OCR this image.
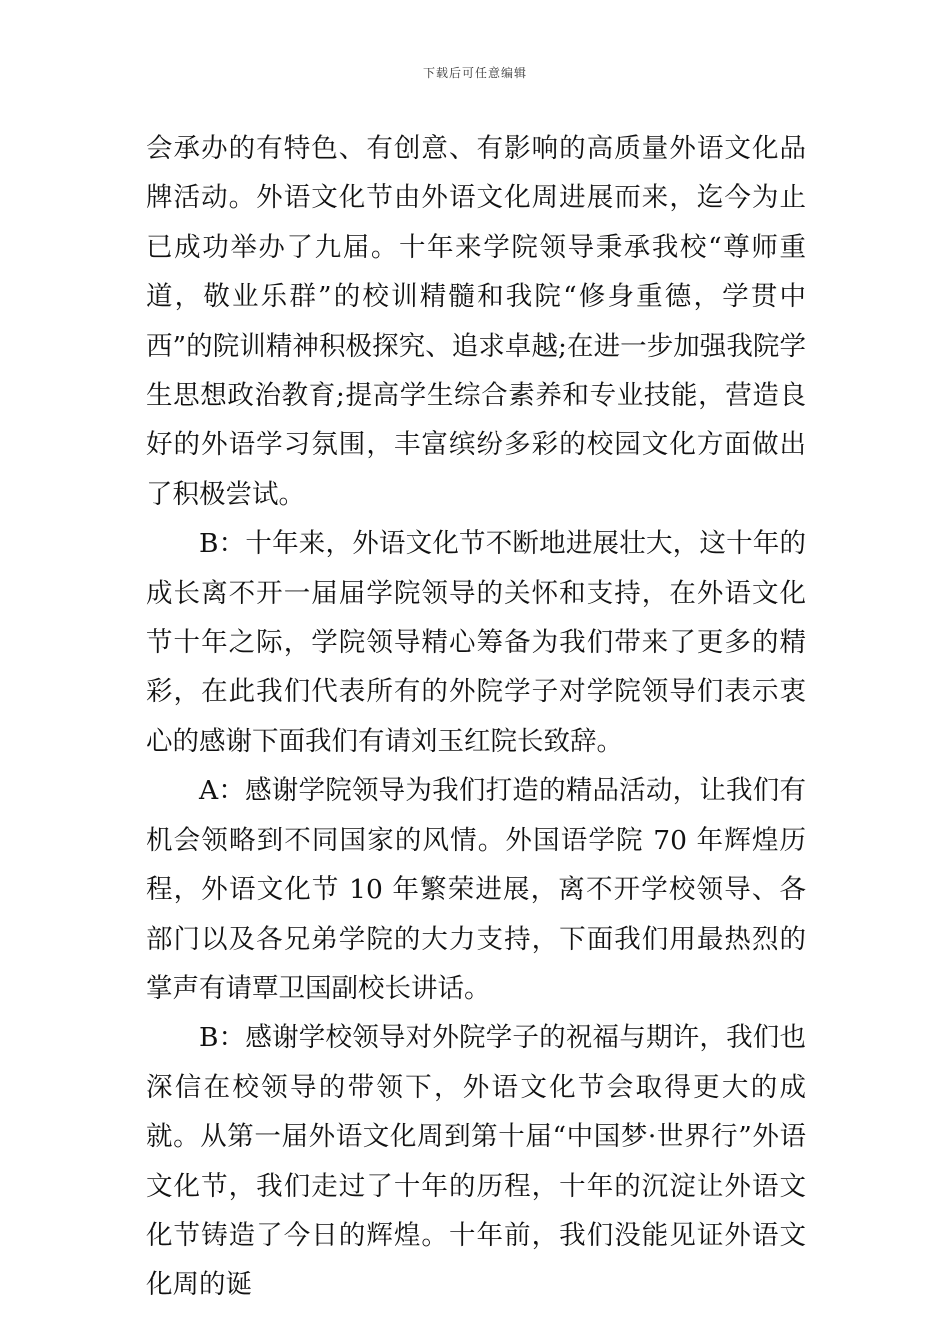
下载后可任意编辑

会承办的有特色、有创意、有影响的高质量外语文化品牌活动。外语文化节由外语文化周进展而来，迄今为止已成功举办了九届。十年来学院领导秉承我校“尊师重道，敬业乐群”的校训精髓和我院“修身重德，学贯中西”的院训精神积极探究、追求卓越;在进一步加强我院学生思想政治教育;提高学生综合素养和专业技能，营造良好的外语学习氛围，丰富缤纷多彩的校园文化方面做出了积极尝试。

B：十年来，外语文化节不断地进展壮大，这十年的成长离不开一届届学院领导的关怀和支持，在外语文化节十年之际，学院领导精心筹备为我们带来了更多的精彩，在此我们代表所有的外院学子对学院领导们表示衷心的感谢下面我们有请刘玉红院长致辞。

A：感谢学院领导为我们打造的精品活动，让我们有机会领略到不同国家的风情。外国语学院 70 年辉煌历程，外语文化节 10 年繁荣进展，离不开学校领导、各部门以及各兄弟学院的大力支持，下面我们用最热烈的掌声有请覃卫国副校长讲话。

B：感谢学校领导对外院学子的祝福与期许，我们也深信在校领导的带领下，外语文化节会取得更大的成就。从第一届外语文化周到第十届“中国梦·世界行”外语文化节，我们走过了十年的历程，十年的沉淀让外语文化节铸造了今日的辉煌。十年前，我们没能见证外语文化周的诞
